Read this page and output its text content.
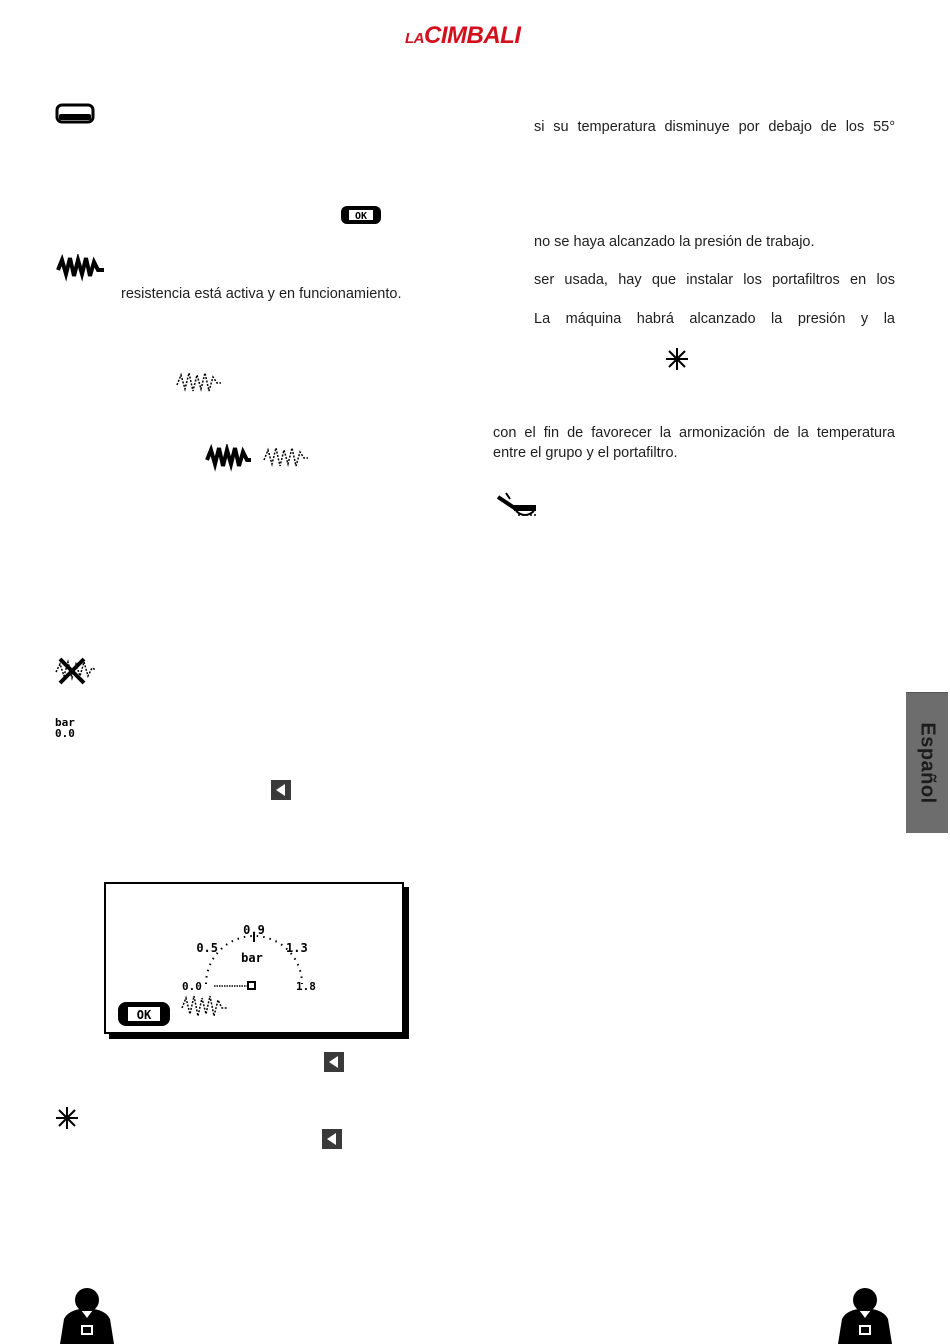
LACIMBALI
OK
resistencia está activa y en funcionamiento.
bar
0.0
0.9
0.5	1.3
bar
0.0	1.8
OK
si su temperatura disminuye por debajo de los 55°
no se haya alcanzado la presión de trabajo.
ser usada, hay que instalar los portafiltros en los
La máquina habrá alcanzado la presión y la
con el fin de favorecer la armonización de la temperatura
entre el grupo y el portafiltro.
Español
